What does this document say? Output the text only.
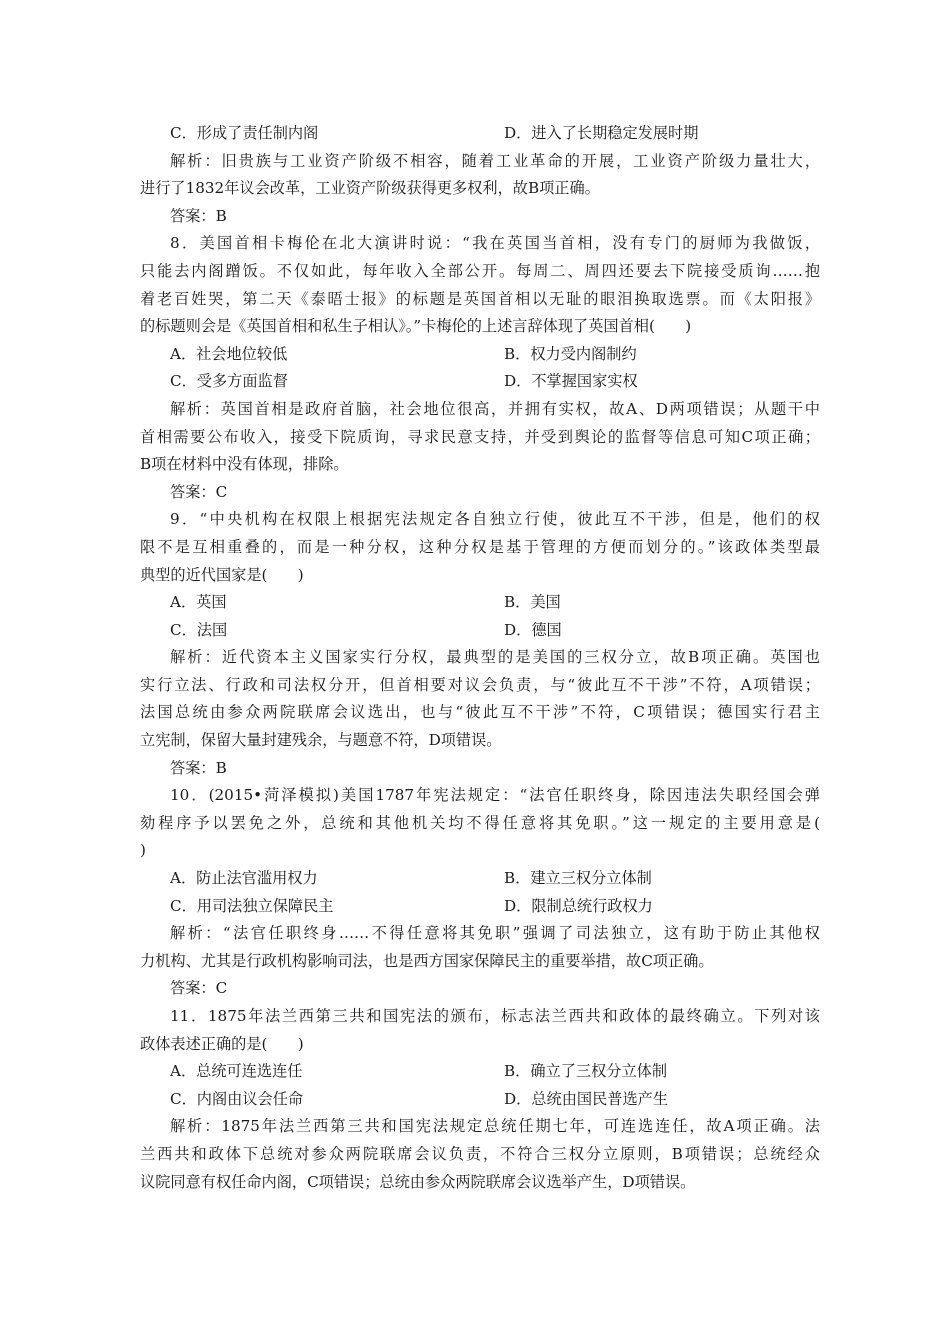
C．形成了责任制内阁	D．进入了长期稳定发展时期
解析：旧贵族与工业资产阶级不相容，随着工业革命的开展，工业资产阶级力量壮大，
进行了1832年议会改革，工业资产阶级获得更多权利，故B项正确。
答案：B
8．美国首相卡梅伦在北大演讲时说：“我在英国当首相，没有专门的厨师为我做饭，
只能去内阁蹭饭。不仅如此，每年收入全部公开。每周二、周四还要去下院接受质询……抱
着老百姓哭，第二天《泰晤士报》的标题是英国首相以无耻的眼泪换取选票。而《太阳报》
的标题则会是《英国首相和私生子相认》。”卡梅伦的上述言辞体现了英国首相(　　)
A．社会地位较低	B．权力受内阁制约
C．受多方面监督	D．不掌握国家实权
解析：英国首相是政府首脑，社会地位很高，并拥有实权，故A、D两项错误；从题干中
首相需要公布收入，接受下院质询，寻求民意支持，并受到舆论的监督等信息可知C项正确；
B项在材料中没有体现，排除。
答案：C
9．“中央机构在权限上根据宪法规定各自独立行使，彼此互不干涉，但是，他们的权
限不是互相重叠的，而是一种分权，这种分权是基于管理的方便而划分的。”该政体类型最
典型的近代国家是(　　)
A．英国	B．美国
C．法国	D．德国
解析：近代资本主义国家实行分权，最典型的是美国的三权分立，故B项正确。英国也
实行立法、行政和司法权分开，但首相要对议会负责，与“彼此互不干涉”不符，A项错误；
法国总统由参众两院联席会议选出，也与“彼此互不干涉”不符，C项错误；德国实行君主
立宪制，保留大量封建残余，与题意不符，D项错误。
答案：B
10．(2015•菏泽模拟)美国1787年宪法规定：“法官任职终身，除因违法失职经国会弹
劾程序予以罢免之外，总统和其他机关均不得任意将其免职。”这一规定的主要用意是(
)
A．防止法官滥用权力	B．建立三权分立体制
C．用司法独立保障民主	D．限制总统行政权力
解析：“法官任职终身……不得任意将其免职”强调了司法独立，这有助于防止其他权
力机构、尤其是行政机构影响司法，也是西方国家保障民主的重要举措，故C项正确。
答案：C
11．1875年法兰西第三共和国宪法的颁布，标志法兰西共和政体的最终确立。下列对该
政体表述正确的是(　　)
A．总统可连选连任	B．确立了三权分立体制
C．内阁由议会任命	D．总统由国民普选产生
解析：1875年法兰西第三共和国宪法规定总统任期七年，可连选连任，故A项正确。法
兰西共和政体下总统对参众两院联席会议负责，不符合三权分立原则，B项错误；总统经众
议院同意有权任命内阁，C项错误；总统由参众两院联席会议选举产生，D项错误。
